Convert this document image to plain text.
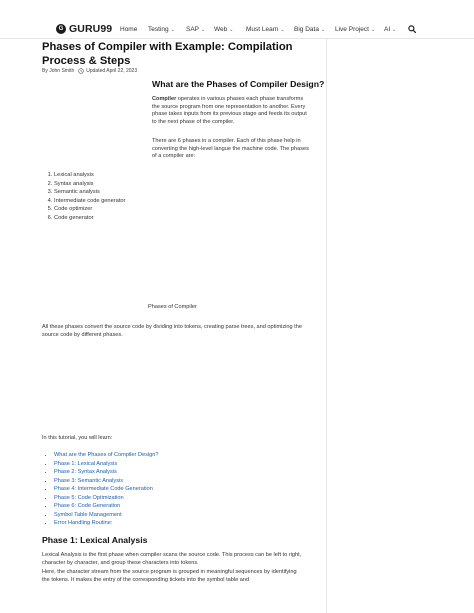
G GURU99 Home Testing ⌄ SAP ⌄ Web ⌄ Must Learn ⌄ Big Data ⌄ Live Project ⌄ AI ⌄
Phases of Compiler with Example: Compilation Process & Steps
By John Smith Updated April 22, 2023
What are the Phases of Compiler Design?

Compiler operates in various phases each phase transforms the source program from one representation to another. Every phase takes inputs from its previous stage and feeds its output to the next phase of the compiler.

There are 6 phases in a compiler. Each of this phase help in converting the high-level langue the machine code. The phases of a compiler are:

1. Lexical analysis
2. Syntax analysis
3. Semantic analysis
4. Intermediate code generator
5. Code optimizer
6. Code generator
Phases of Compiler

All these phases convert the source code by dividing into tokens, creating parse trees, and optimizing the source code by different phases.

In this tutorial, you will learn:
• What are the Phases of Compiler Design?
• Phase 1: Lexical Analysis
• Phase 2: Syntax Analysis
• Phase 3: Semantic Analysis
• Phase 4: Intermediate Code Generation
• Phase 5: Code Optimization
• Phase 6: Code Generation
• Symbol Table Management
• Error Handling Routine:
Phase 1: Lexical Analysis

Lexical Analysis is the first phase when compiler scans the source code. This process can be left to right, character by character, and group these characters into tokens.
Here, the character stream from the source program is grouped in meaningful sequences by identifying the tokens. It makes the entry of the corresponding tickets into the symbol table and
